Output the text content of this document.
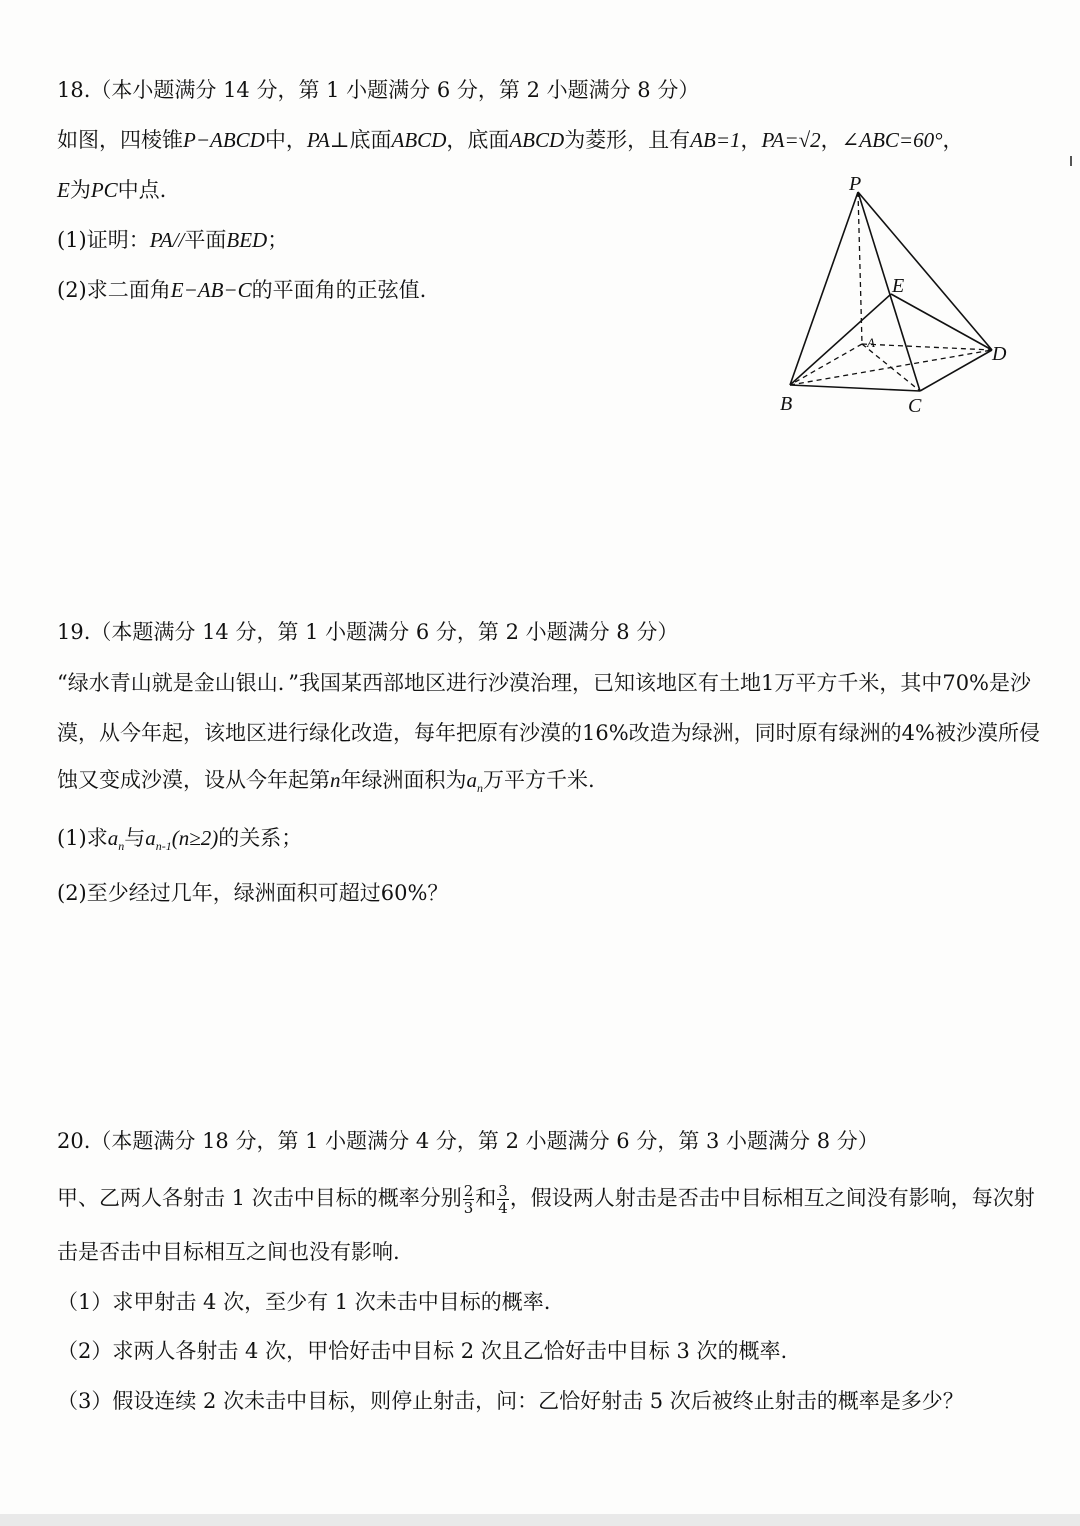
18.（本小题满分 14 分，第 1 小题满分 6 分，第 2 小题满分 8 分）
如图，四棱锥P−ABCD中，PA⊥底面ABCD，底面ABCD为菱形，且有AB=1，PA=√2，∠ABC=60°，
E为PC中点.
(1)证明：PA//平面BED；
(2)求二面角E−AB−C的平面角的正弦值.
P
E
A
D
B	C
19.（本题满分 14 分，第 1 小题满分 6 分，第 2 小题满分 8 分）
“绿水青山就是金山银山．”我国某西部地区进行沙漠治理，已知该地区有土地1万平方千米，其中70%是沙
漠，从今年起，该地区进行绿化改造，每年把原有沙漠的16%改造为绿洲，同时原有绿洲的4%被沙漠所侵
蚀又变成沙漠，设从今年起第n年绿洲面积为$a_n$万平方千米.
(1)求$a_n$与$a_{n-1}(n\ge 2)$的关系；
(2)至少经过几年，绿洲面积可超过60%？
20.（本题满分 18 分，第 1 小题满分 4 分，第 2 小题满分 6 分，第 3 小题满分 8 分）
甲、乙两人各射击 1 次击中目标的概率分别 $\frac{2}{3}$ 和 $\frac{3}{4}$ ，假设两人射击是否击中目标相互之间没有影响，每次射
击是否击中目标相互之间也没有影响.
（1）求甲射击 4 次，至少有 1 次未击中目标的概率.
（2）求两人各射击 4 次，甲恰好击中目标 2 次且乙恰好击中目标 3 次的概率.
（3）假设连续 2 次未击中目标，则停止射击，问：乙恰好射击 5 次后被终止射击的概率是多少？
